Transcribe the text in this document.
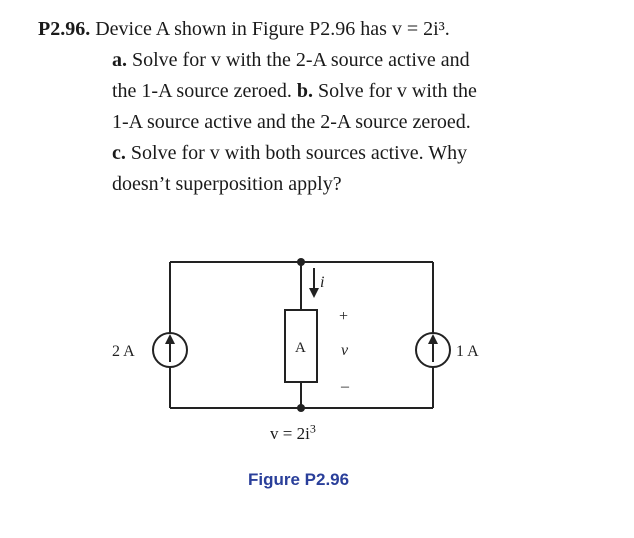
P2.96. Device A shown in Figure P2.96 has v = 2i³.
a. Solve for v with the 2-A source active and
the 1-A source zeroed. b. Solve for v with the
1-A source active and the 2-A source zeroed.
c. Solve for v with both sources active. Why
doesn’t superposition apply?
2 A	1 A
A
i
+
v
–
$v = 2i^3$
Figure P2.96
